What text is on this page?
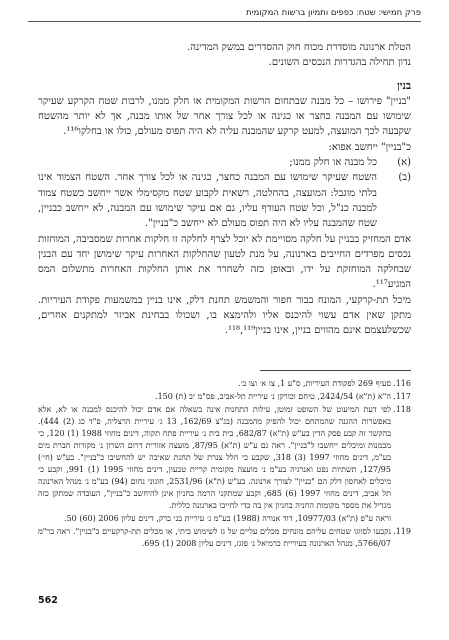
פרק חמישי׃ שטח׃ כפפים ותמיון ברשות המקומית

הטלת ארנונה מוסדרת מכוח חוק ההסדרים במשק המדינה.

נדון תחילה בהגדרות הנכסים השונים.

בנין

"בניין" פירושו – כל מבנה שבתחום הרשות המקומית או חלק ממנו, לרבות שטח הקרקע שעיקר שימושו עם המבנה כחצר או כגינה או לכל צורך אחר של אותו מבנה, אך לא יותר מהשטח שקבעה לכך המועצה, למעט קרקע שהמבנה עליה לא היה תפוס מעולם, כולו או בחלקו¹¹⁶.

כ"בניין" ייחשב אפוא:

(א)
כל מבנה או חלק ממנו;
(ב)
השטח שעיקר שימושו עם המבנה כחצר, כגינה או לכל צורך אחר. השטח הצמוד אינו בלתי מוגבל: המועצה, בהחלטה, רשאית לקבוע שטח מקסימלי אשר ייחשב כשטח צמוד למבנה כנ"ל, וכל שטח העודף עליו, גם אם עיקר שימושו עם המבנה, לא ייחשב כבניין, שטח שהמבנה עליו לא היה תפוס מעולם לא ייחשב כ"בניין".

אדם המחזיק בבניין על חלקה מסויימת לא יוכל לצרף לחלקה זו חלקות אחרות שמסביבה, המוחזות נכסים מפרדים החייבים בארנונה, על מנת לטעון שהחלקות האחרות עיקר שימושן יחד עם הבנין שבחלקה המוחזקת על ידו, ובאופן כזה לשחרר את אותן החלקות האחרות מתשלום המס המגיע¹¹⁷.

מיכל תת-קרקעי, המונח בבור חפור והמשמש תחנת דלק, אינו בניין במשמעות פקודת העיריות. מתקן שאין אדם עשוי להיכנס אליו ולהימצא בו, ושכולו בבחינת אביזר למתקנים אחרים, שכשלעצמם אינם מהווים בניין, אינו בניין¹¹⁸,¹¹⁹.

116.
סעיף 269 לפקודת העיריות, ס"ע 1, צו א׳ וצו ב׳.
117.
ה"א (ת"א) 2424/54, טיחם וכורקן נ׳ עיריית תל-אביב, פס"מ יב (ת) 150.
118.
לפי דעת המיעוט של השופט זמוטן, עילות התחנות אינה בשאלה אם אדם יכול להיכנס למבנה או לא, אלא באפשרות ההגנה שהמתחם יכול להפיק מהמבנה (בג"צ 162/69, 13 ג׳ עיריית הרצליה, פ"ד כג (2) 444). בהקשר זה קבע פסק הדין בע"ש (ת"א) 682/87, בית בית נ׳ עיריית פתח תקוה, דינים מחוזי 1988 (1) 120, כי מכמנות ומיכלים ייחשבו ל"בניין". ראה גם ע"ש (ת"א) 87/95, מועצה אזורית דרום השרון נ׳ מקורות חברת מים בע"מ, דינים מחוזי 1997 (3) 318, שקבע כי חלל צנרת של תחנת שאיבה יש להחשיבו כ"בניין". בע"ש (חי׳) 127/95, תשתיות נפט ואנרגיה בע"מ נ׳ מועצה מקומית קריית טבעון, דינים מחוזי 1995 (1) 991, וקבע כי מיכלים לאחסון דלק הם "בניין" לצורך ארנונה. בע"ש (ת"א) 2531/96, חוגוני נחום (94) בע"מ נ׳ מנהל הארנונה תל אביב, דינים מחוזי 1997 (6) 685, וקבע שמתקני הרמה בחניון אינן להיחשב כ"בניין", העובדה שמתקן כזה מגדיל את מספר מקומות החניה בחניון אין בה כדי לחייבו בארנונה כללית.
וראה ע"פ (ת"א) 10977/03, דוד אנורה (1988) בע"מ נ׳ עיריית בני ברק, דינים עליון 2006 (60) 50.
119.
נקבעו לסווגו שטחים עליהם מונחים מכלים עליים של גז לשימוש ביתי, או מכלים תת-קרקעיים כ"בניין". ראה בר"מ 5766/07, מנהל הארנונה בעיריית כרמיאל נ׳ פזגז, דינים עליון 2008 (1) 695.
562
